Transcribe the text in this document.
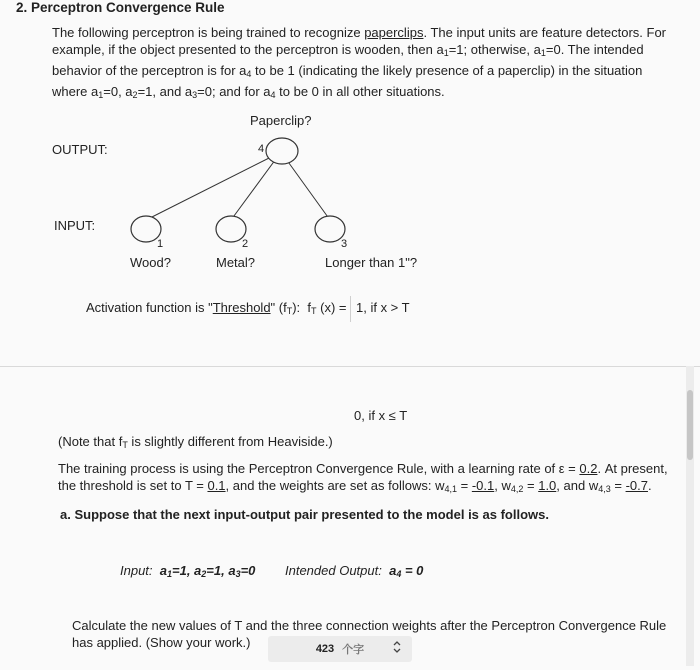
2. Perceptron Convergence Rule
The following perceptron is being trained to recognize paperclips. The input units are feature detectors. For
example, if the object presented to the perceptron is wooden, then $a_1=1$; otherwise, $a_1=0$. The intended
behavior of the perceptron is for $a_4$ to be 1 (indicating the likely presence of a paperclip) in the situation
where $a_1=0$, $a_2=1$, and $a_3=0$; and for $a_4$ to be 0 in all other situations.
OUTPUT:
INPUT:
Paperclip?
4
1	2	3
Wood?	Metal?	Longer than 1"?
Activation function is "Threshold" $(f_T)$:  $f_T$ (x) = 1, if x > T
0, if x ≤ T
(Note that $f_T$ is slightly different from Heaviside.)
The training process is using the Perceptron Convergence Rule, with a learning rate of ε = 0.2. At present,
the threshold is set to T = 0.1, and the weights are set as follows: $w_{4,1} = -0.1$, $w_{4,2} = 1.0$, and $w_{4,3} = -0.7$.
a. Suppose that the next input-output pair presented to the model is as follows.
Input:  $a_1=1$, $a_2=1$, $a_3=0$ Intended Output:  $a_4 = 0$
Calculate the new values of T and the three connection weights after the Perceptron Convergence Rule
has applied. (Show your work.)	423 个字
